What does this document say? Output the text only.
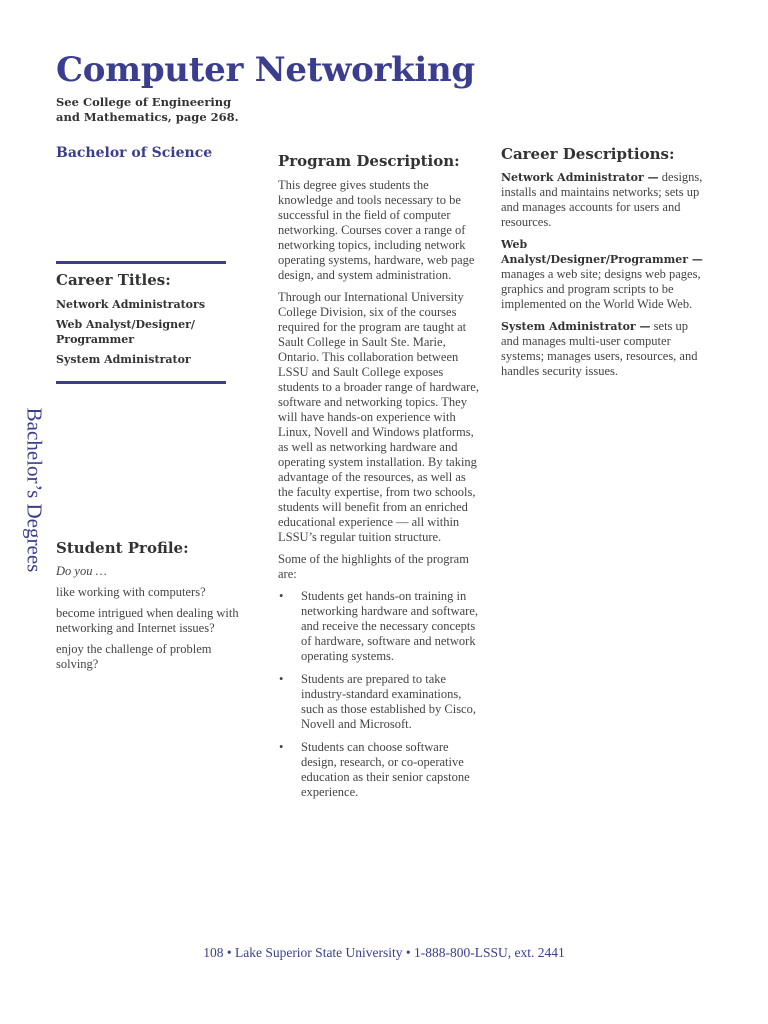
Computer Networking
See College of Engineering
and Mathematics, page 268.
Bachelor of Science
Career Titles:
Network Administrators
Web Analyst/Designer/ Programmer
System Administrator
Bachelor’s Degrees Student Profile:

Do you …

like working with computers?

become intrigued when dealing with networking and Internet issues?

enjoy the challenge of problem solving?

Program Description:

This degree gives students the knowledge and tools necessary to be successful in the field of computer networking. Courses cover a range of networking topics, including network operating systems, hardware, web page design, and system administration.

Through our International University College Division, six of the courses required for the program are taught at Sault College in Sault Ste. Marie, Ontario. This collaboration between LSSU and Sault College exposes students to a broader range of hardware, software and networking topics. They will have hands-on experience with Linux, Novell and Windows platforms, as well as networking hardware and operating system installation. By taking advantage of the resources, as well as the faculty expertise, from two schools, students will benefit from an enriched educational experience — all within LSSU’s regular tuition structure.

Some of the highlights of the program are:

• Students get hands-on training in networking hardware and software, and receive the necessary concepts of hardware, software and network operating systems.
• Students are prepared to take industry-standard examinations, such as those established by Cisco, Novell and Microsoft.
• Students can choose software design, research, or co-operative education as their senior capstone experience.
Career Descriptions:

Network Administrator — designs, installs and maintains networks; sets up and manages accounts for users and resources.

Web Analyst/Designer/Programmer — manages a web site; designs web pages, graphics and program scripts to be implemented on the World Wide Web.

System Administrator — sets up and manages multi-user computer systems; manages users, resources, and handles security issues.

108 • Lake Superior State University • 1-888-800-LSSU, ext. 2441
